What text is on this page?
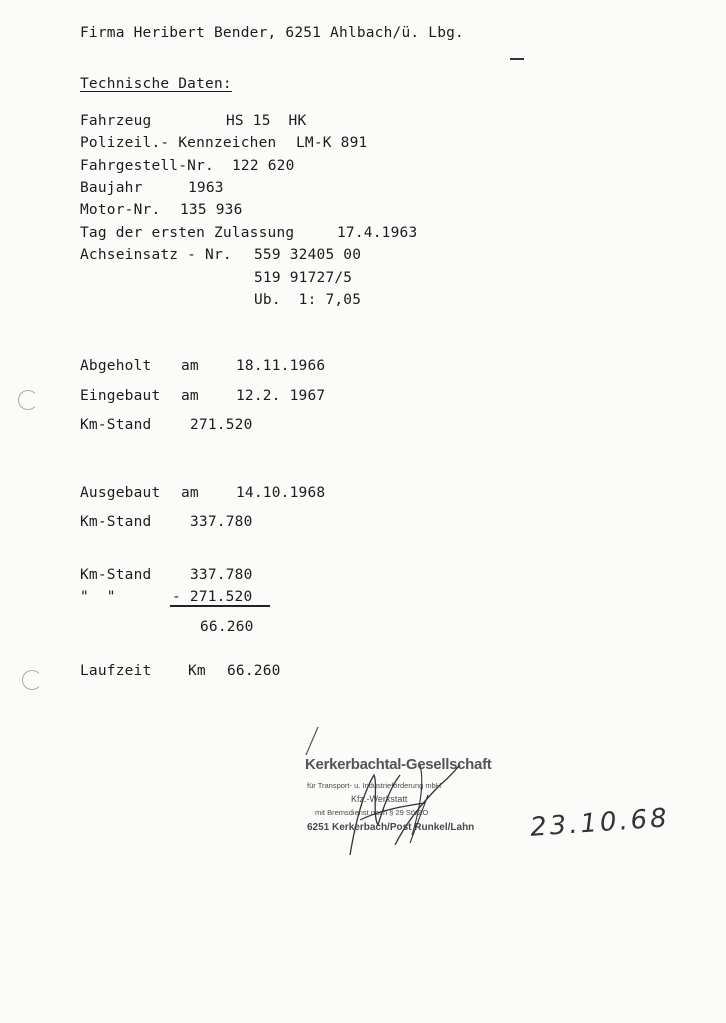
Firma Heribert Bender, 6251 Ahlbach/ü. Lbg.
Technische Daten:
Fahrzeug	HS 15  HK
Polizeil.- Kennzeichen LM-K 891
Fahrgestell-Nr. 122 620
Baujahr	1963
Motor-Nr. 135 936
Tag der ersten Zulassung	17.4.1963
Achseinsatz - Nr. 559 32405 00
519 91727/5
Ub.  1: 7,05
Abgeholt am	18.11.1966
Eingebaut am	12.2. 1967
Km-Stand	271.520
Ausgebaut am	14.10.1968
Km-Stand	337.780
Km-Stand	337.780
"  "	- 271.520
66.260
Laufzeit	Km 66.260
Kerkerbachtal-Gesellschaft
für Transport- u. Industrieförderung mbH
Kfz.-Werkstatt
mit Bremsdienst nach § 29 StVZO
6251 Kerkerbach/Post Runkel/Lahn 23.10.68
